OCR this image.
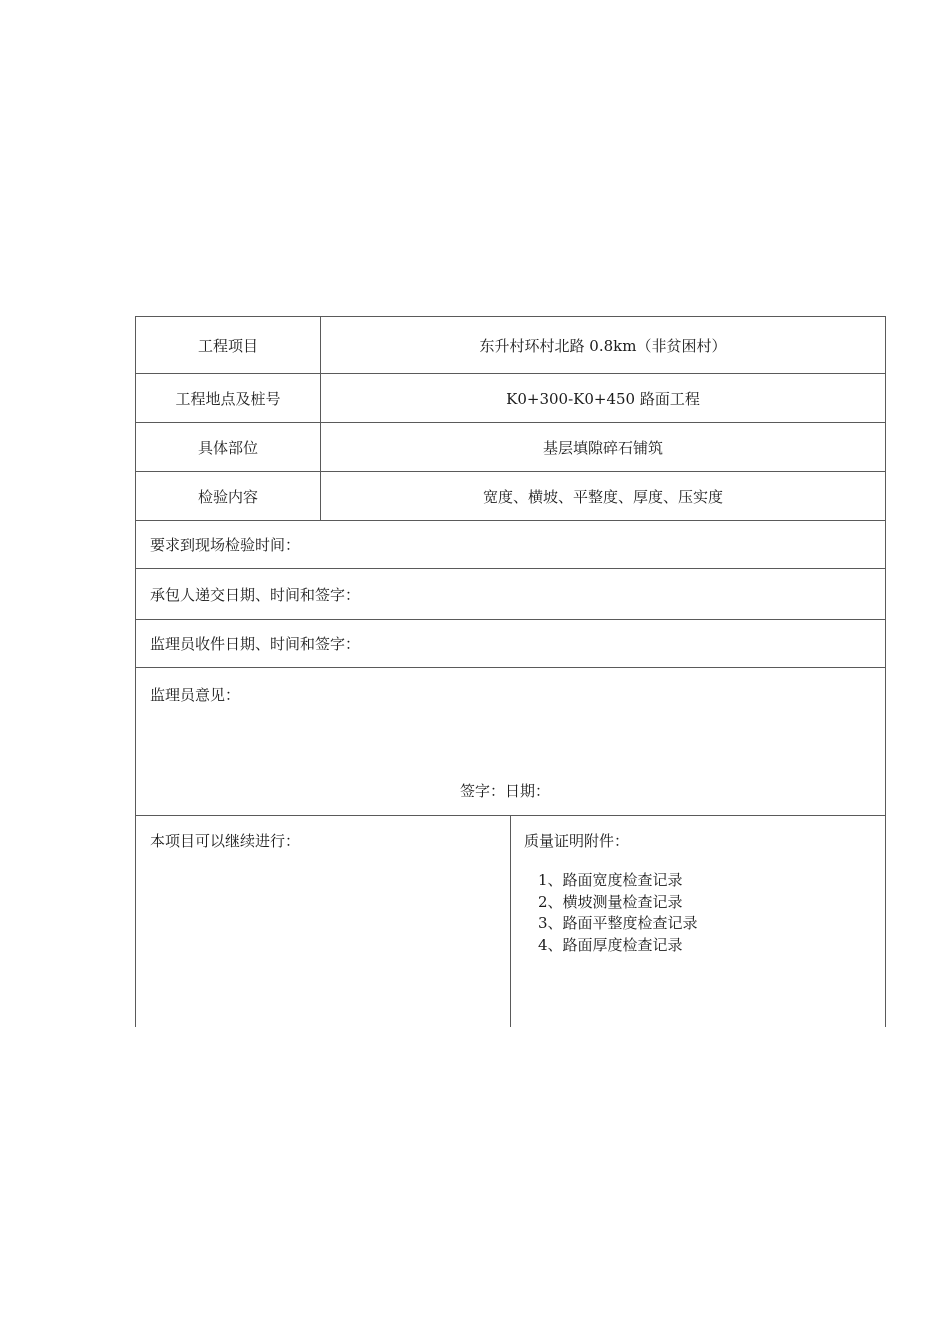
工程项目	东升村环村北路 0.8km（非贫困村）
工程地点及桩号	K0+300-K0+450 路面工程
具体部位	基层填隙碎石铺筑
检验内容	宽度、横坡、平整度、厚度、压实度
要求到现场检验时间：
承包人递交日期、时间和签字：
监理员收件日期、时间和签字：
监理员意见：
签字：日期：
本项目可以继续进行：	质量证明附件：
1、路面宽度检查记录
2、横坡测量检查记录
3、路面平整度检查记录
4、路面厚度检查记录
